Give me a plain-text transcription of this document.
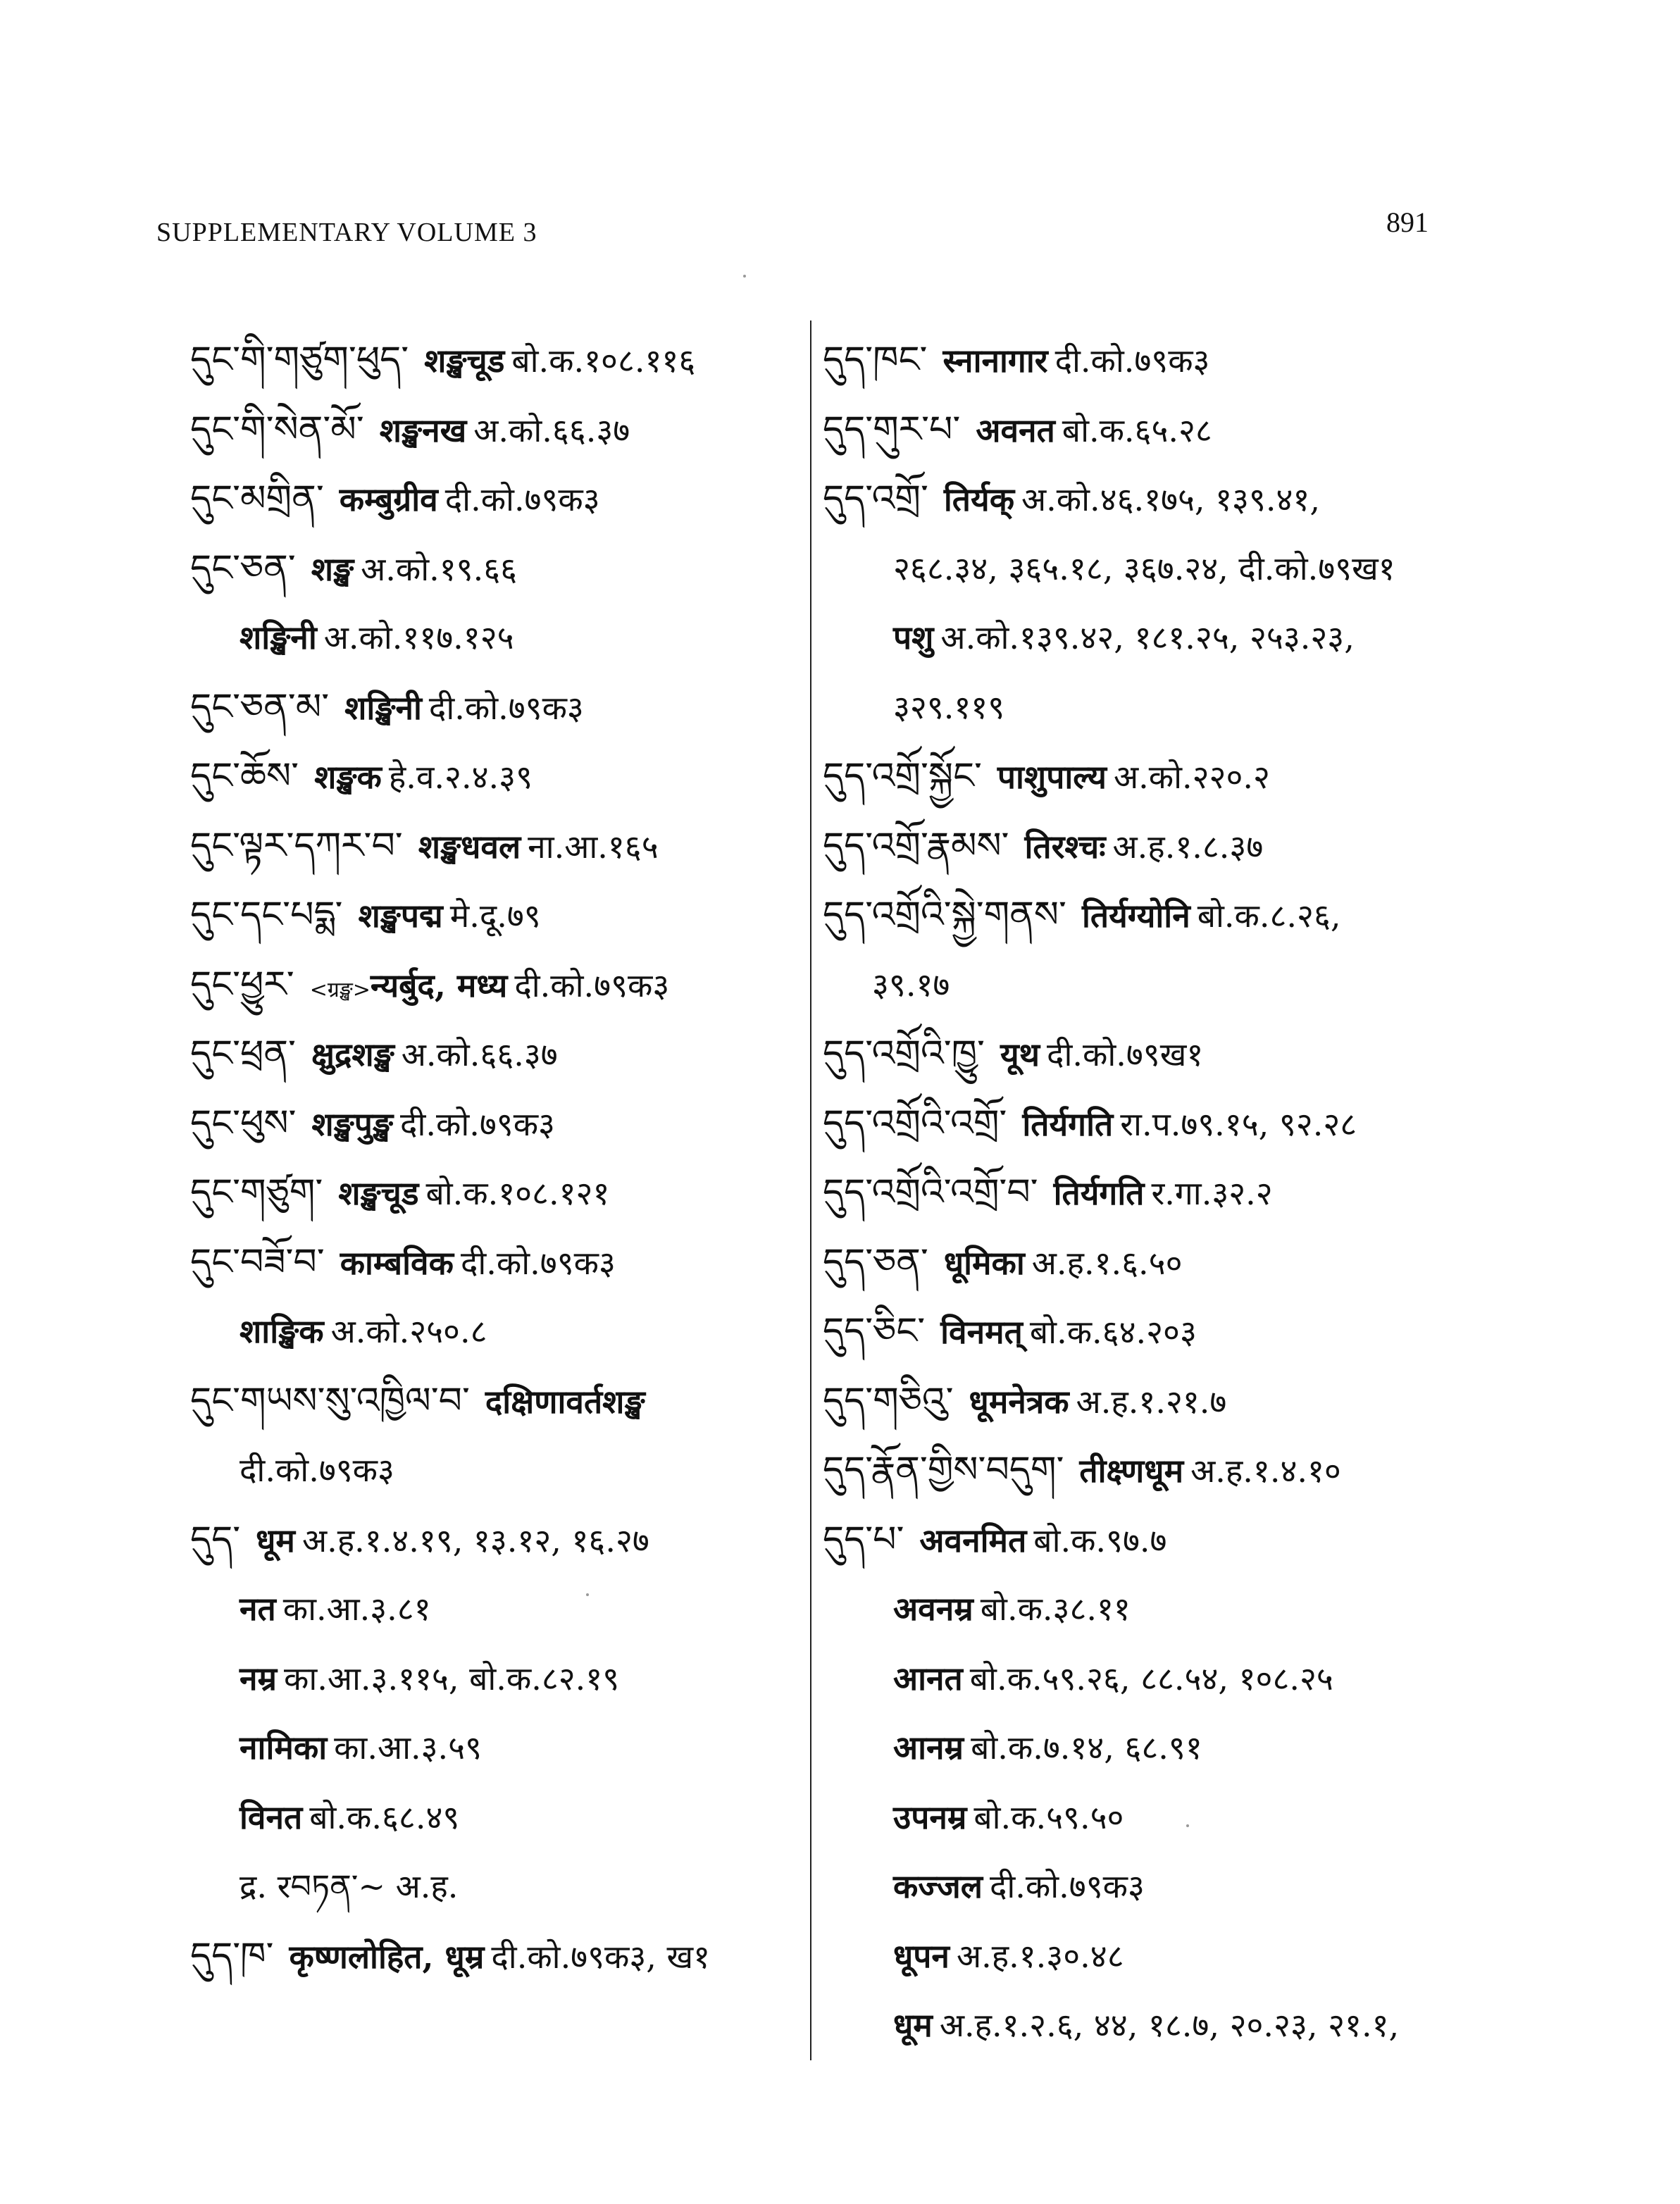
SUPPLEMENTARY VOLUME 3	891
དུང་གི་གཙུག་ཕུད་ शङ्खचूड बो.क.१०८.११६
དུང་གི་སེན་མོ་ शङ्खनख अ.को.६६.३७
དུང་མགྲིན་ कम्बुग्रीव दी.को.७९क३
དུང་ཅན་ शङ्ख अ.को.१९.६६
शङ्खिनी अ.को.११७.१२५
དུང་ཅན་མ་ शङ्खिनी दी.को.७९क३
དུང་ཆོས་ शङ्खक हे.व.२.४.३९
དུང་ལྟར་དཀར་བ་ शङ्खधवल ना.आ.१६५
དུང་དང་པདྨ་ शङ्खपद्म मे.दू.७९
དུང་ཕྱུར་ <ग्रङ्ख>न्यर्बुद, मध्य दी.को.७९क३
དུང་ཕྲན་ क्षुद्रशङ्ख अ.को.६६.३७
དུང་ཕུས་ शङ्खपुङ्ख दी.को.७९क३
དུང་གཙུག་ शङ्खचूड बो.क.१०८.१२१
དུང་བཟོ་བ་ काम्बविक दी.को.७९क३
शाङ्खिक अ.को.२५०.८
དུང་གཡས་སུ་འཁྱིལ་བ་ दक्षिणावर्तशङ्ख
दी.को.७९क३
དུད་ धूम अ.ह.१.४.१९, १३.१२, १६.२७
नत का.आ.३.८१
नम्र का.आ.३.११५, बो.क.८२.१९
नामिका का.आ.३.५९
विनत बो.क.६८.४९
द्र. रབཏན་~ अ.ह.
དུད་ཁ་ कृष्णलोहित, धूम्र दी.को.७९क३, ख१
དུད་ཁང་ स्नानागार दी.को.७९क३
དུད་གུར་པ་ अवनत बो.क.६५.२८
དུད་འགྲོ་ तिर्यक् अ.को.४६.१७५, १३९.४१,
२६८.३४, ३६५.१८, ३६७.२४, दी.को.७९ख१
पशु अ.को.१३९.४२, १८१.२५, २५३.२३,
३२९.११९
དུད་འགྲོ་སྐྱོང་ पाशुपाल्य अ.को.२२०.२
དུད་འགྲོ་རྣམས་ तिरश्चः अ.ह.१.८.३७
དུད་འགྲོའི་སྐྱེ་གནས་ तिर्यग्योनि बो.क.८.२६,
३९.१७
དུད་འགྲོའི་ཁྱུ་ यूथ दी.को.७९ख१
དུད་འགྲོའི་འགྲོ་ तिर्यगति रा.प.७९.१५, ९२.२८
དུད་འགྲོའི་འགྲོ་བ་ तिर्यगति र.गा.३२.२
དུད་ཅན་ धूमिका अ.ह.१.६.५०
དུད་ཅིང་ विनमत् बो.क.६४.२०३
དུད་གཅིའུ་ धूमनेत्रक अ.ह.१.२१.७
དུད་རྣོན་གྱིས་བདུག་ तीक्ष्णधूम अ.ह.१.४.१०
དུད་པ་ अवनमित बो.क.९७.७
अवनम्र बो.क.३८.११
आनत बो.क.५९.२६, ८८.५४, १०८.२५
आनम्र बो.क.७.१४, ६८.९१
उपनम्र बो.क.५९.५०
कज्जल दी.को.७९क३
धूपन अ.ह.१.३०.४८
धूम अ.ह.१.२.६, ४४, १८.७, २०.२३, २१.१,
